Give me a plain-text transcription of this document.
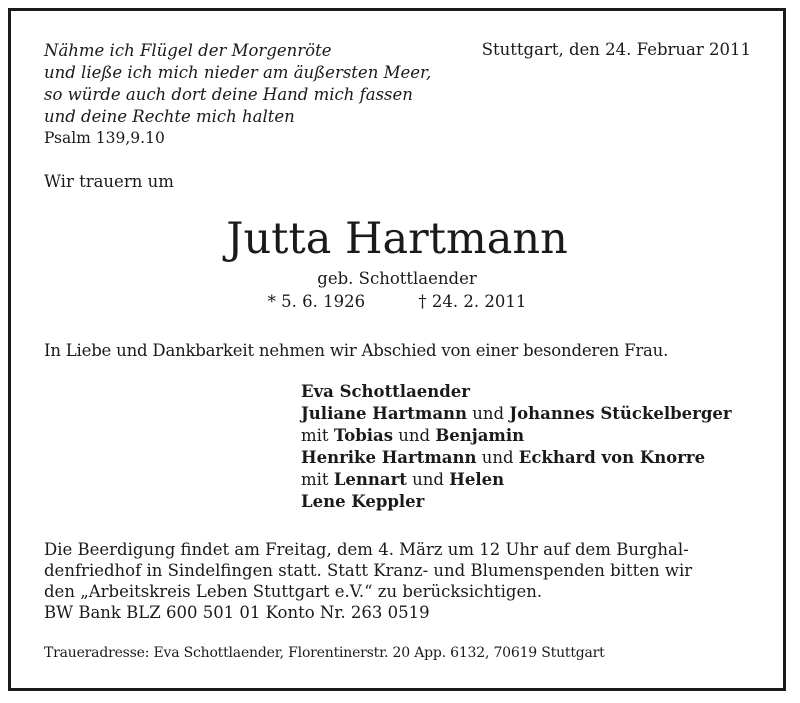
Nähme ich Flügel der Morgenröte
und ließe ich mich nieder am äußersten Meer,
so würde auch dort deine Hand mich fassen
und deine Rechte mich halten
Psalm 139,9.10
Stuttgart, den 24. Februar 2011
Wir trauern um
Jutta Hartmann
geb. Schottlaender
* 5. 6. 1926	† 24. 2. 2011
In Liebe und Dankbarkeit nehmen wir Abschied von einer besonderen Frau.
Eva Schottlaender
Juliane Hartmann und Johannes Stückelberger
mit Tobias und Benjamin
Henrike Hartmann und Eckhard von Knorre
mit Lennart und Helen
Lene Keppler
Die Beerdigung findet am Freitag, dem 4. März um 12 Uhr auf dem Burghal-
denfriedhof in Sindelfingen statt. Statt Kranz- und Blumenspenden bitten wir
den „Arbeitskreis Leben Stuttgart e.V.“ zu berücksichtigen.
BW Bank BLZ 600 501 01 Konto Nr. 263 0519
Traueradresse: Eva Schottlaender, Florentinerstr. 20 App. 6132, 70619 Stuttgart
